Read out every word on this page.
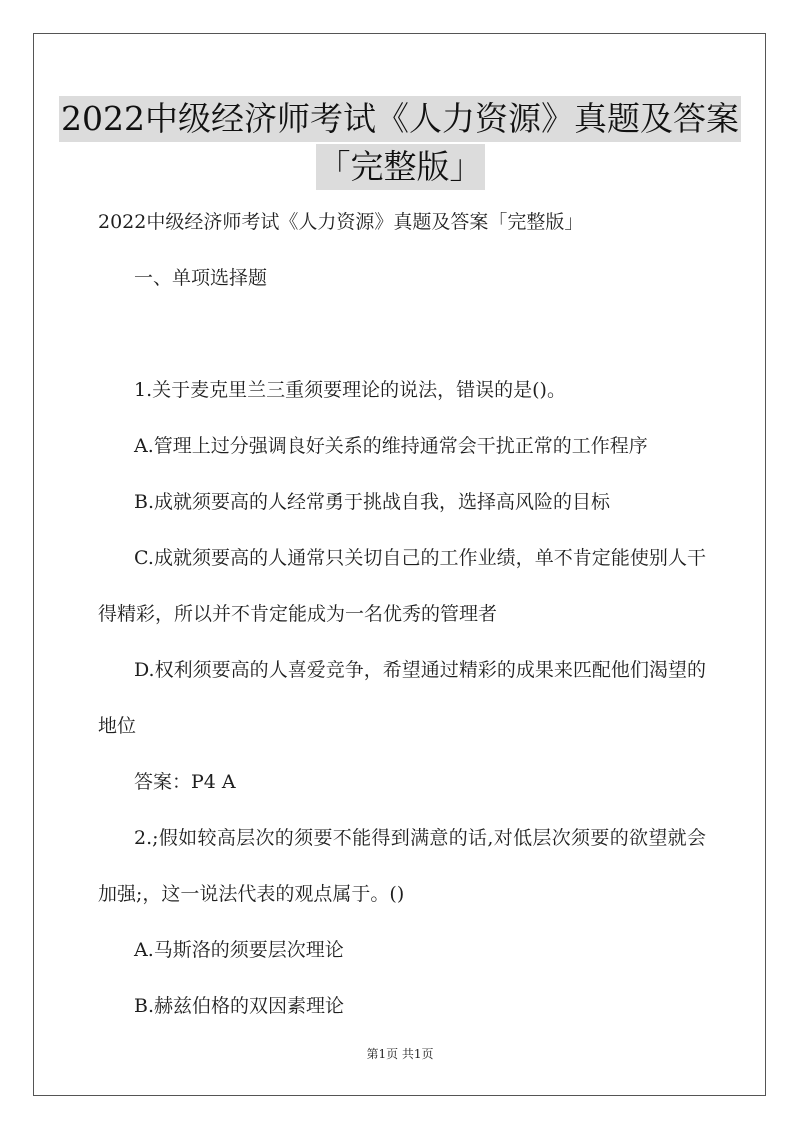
2022中级经济师考试《人力资源》真题及答案
「完整版」

2022中级经济师考试《人力资源》真题及答案「完整版」

一、单项选择题

1.关于麦克里兰三重须要理论的说法，错误的是()。

A.管理上过分强调良好关系的维持通常会干扰正常的工作程序

B.成就须要高的人经常勇于挑战自我，选择高风险的目标

C.成就须要高的人通常只关切自己的工作业绩，单不肯定能使别人干得精彩，所以并不肯定能成为一名优秀的管理者

D.权利须要高的人喜爱竞争，希望通过精彩的成果来匹配他们渴望的地位

答案：P4 A

2.;假如较高层次的须要不能得到满意的话,对低层次须要的欲望就会加强;，这一说法代表的观点属于。()

A.马斯洛的须要层次理论

B.赫兹伯格的双因素理论

第1页 共1页
